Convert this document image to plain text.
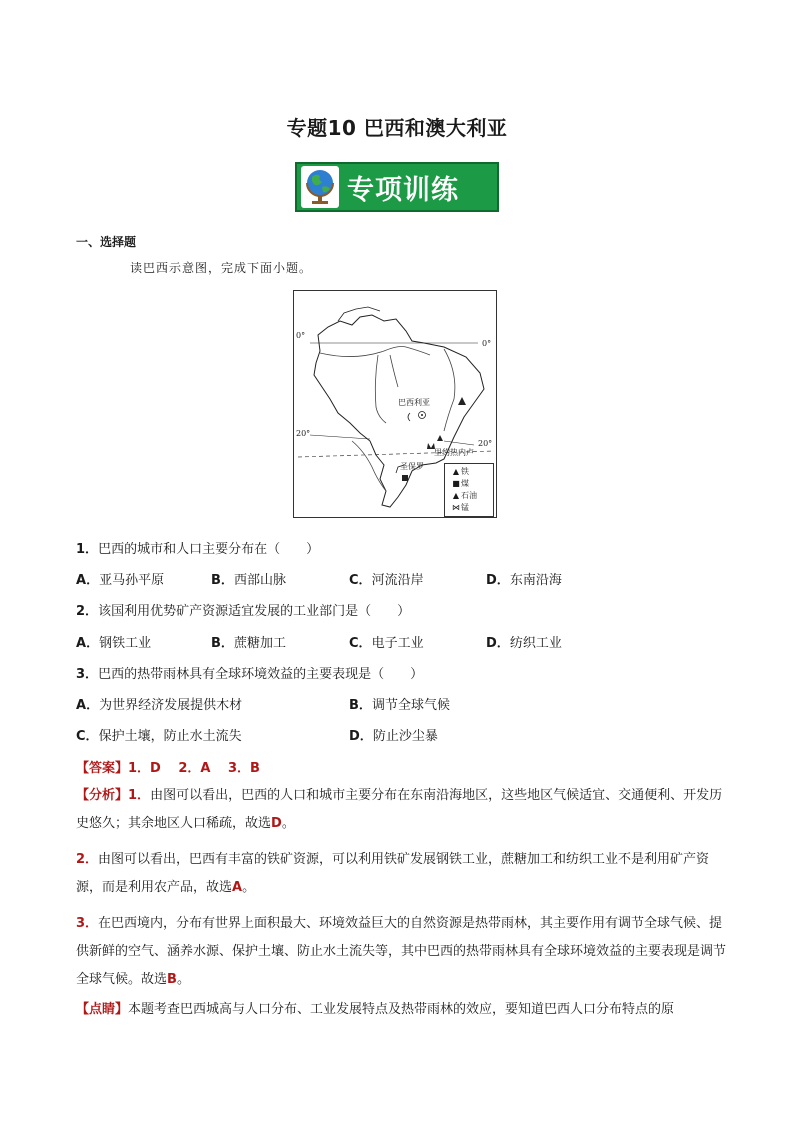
专题10 巴西和澳大利亚
专项训练
一、选择题
读巴西示意图，完成下面小题。
0°
0°
20°
20°
巴西利亚
里约热内卢
圣保罗
▲ 铁
■煤
▲ 石油
⋈锰
1．巴西的城市和人口主要分布在（　　）
A．亚马孙平原	B．西部山脉	C．河流沿岸	D．东南沿海
2．该国利用优势矿产资源适宜发展的工业部门是（　　）
A．钢铁工业	B．蔗糖加工	C．电子工业	D．纺织工业
3．巴西的热带雨林具有全球环境效益的主要表现是（　　）
A．为世界经济发展提供木材	B．调节全球气候
C．保护土壤，防止水土流失	D．防止沙尘暴
【答案】1．D　 2．A　 3．B
【分析】1．由图可以看出，巴西的人口和城市主要分布在东南沿海地区，这些地区气候适宜、交通便利、开发历史悠久；其余地区人口稀疏，故选D。
2．由图可以看出，巴西有丰富的铁矿资源，可以利用铁矿发展钢铁工业，蔗糖加工和纺织工业不是利用矿产资源，而是利用农产品，故选A。
3．在巴西境内，分布有世界上面积最大、环境效益巨大的自然资源是热带雨林，其主要作用有调节全球气候、提供新鲜的空气、涵养水源、保护土壤、防止水土流失等，其中巴西的热带雨林具有全球环境效益的主要表现是调节全球气候。故选B。
【点睛】本题考查巴西城高与人口分布、工业发展特点及热带雨林的效应，要知道巴西人口分布特点的原
